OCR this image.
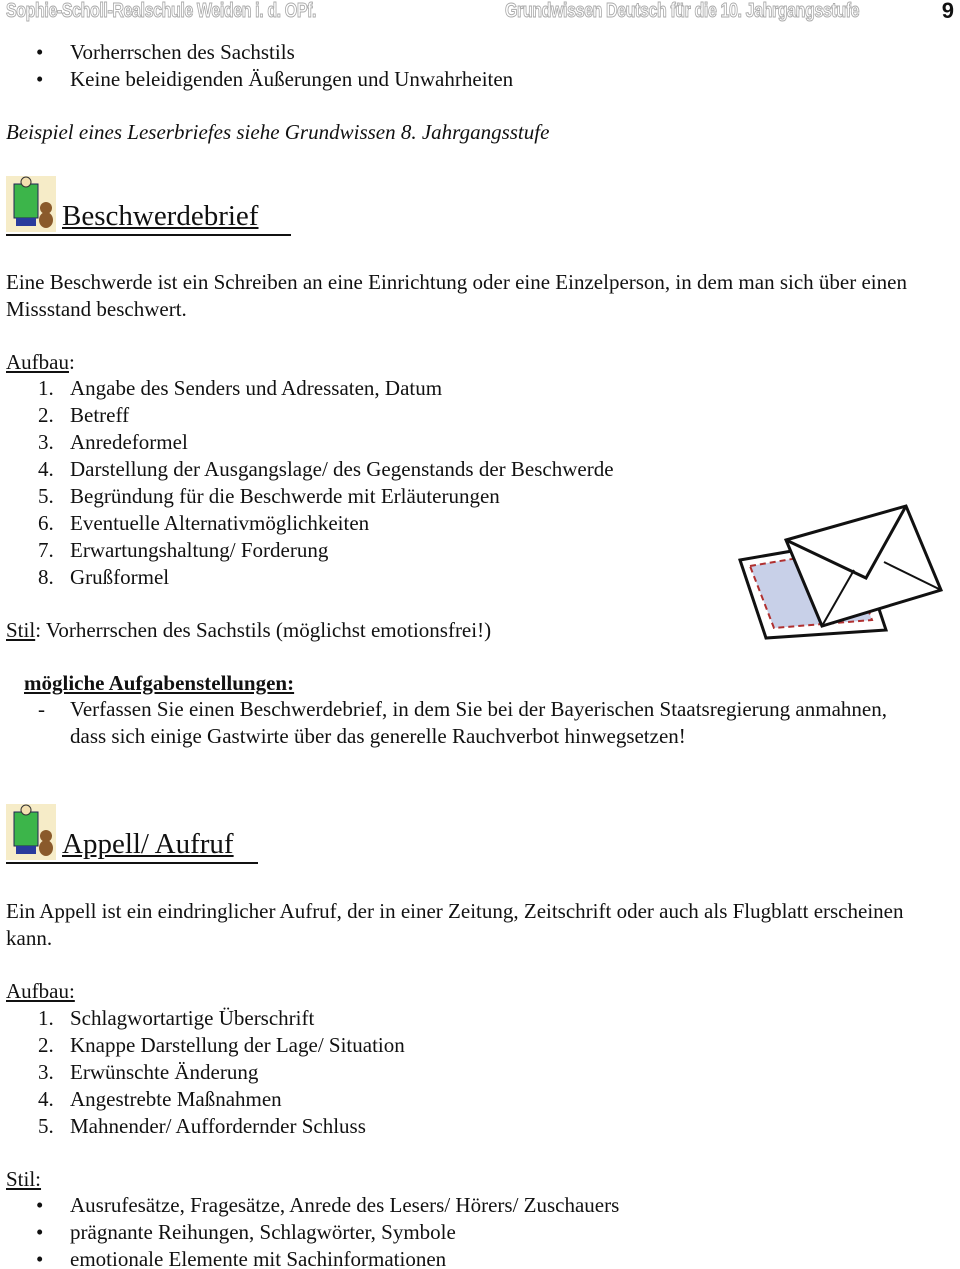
Sophie-Scholl-Realschule Weiden i. d. OPf.	Grundwissen Deutsch für die 10. Jahrgangsstufe	9
• Vorherrschen des Sachstils
• Keine beleidigenden Äußerungen und Unwahrheiten
Beispiel eines Leserbriefes siehe Grundwissen 8. Jahrgangsstufe
Beschwerdebrief
Eine Beschwerde ist ein Schreiben an eine Einrichtung oder eine Einzelperson, in dem man sich über einen Missstand beschwert.
Aufbau:
1. Angabe des Senders und Adressaten, Datum
2. Betreff
3. Anredeformel
4. Darstellung der Ausgangslage/ des Gegenstands der Beschwerde
5. Begründung für die Beschwerde mit Erläuterungen
6. Eventuelle Alternativmöglichkeiten
7. Erwartungshaltung/ Forderung
8. Grußformel
Stil: Vorherrschen des Sachstils (möglichst emotionsfrei!)
mögliche Aufgabenstellungen:
- Verfassen Sie einen Beschwerdebrief, in dem Sie bei der Bayerischen Staatsregierung anmahnen, dass sich einige Gastwirte über das generelle Rauchverbot hinwegsetzen!
Appell/ Aufruf
Ein Appell ist ein eindringlicher Aufruf, der in einer Zeitung, Zeitschrift oder auch als Flugblatt erscheinen kann.
Aufbau:
1. Schlagwortartige Überschrift
2. Knappe Darstellung der Lage/ Situation
3. Erwünschte Änderung
4. Angestrebte Maßnahmen
5. Mahnender/ Auffordernder Schluss
Stil:
• Ausrufesätze, Fragesätze, Anrede des Lesers/ Hörers/ Zuschauers
• prägnante Reihungen, Schlagwörter, Symbole
• emotionale Elemente mit Sachinformationen
